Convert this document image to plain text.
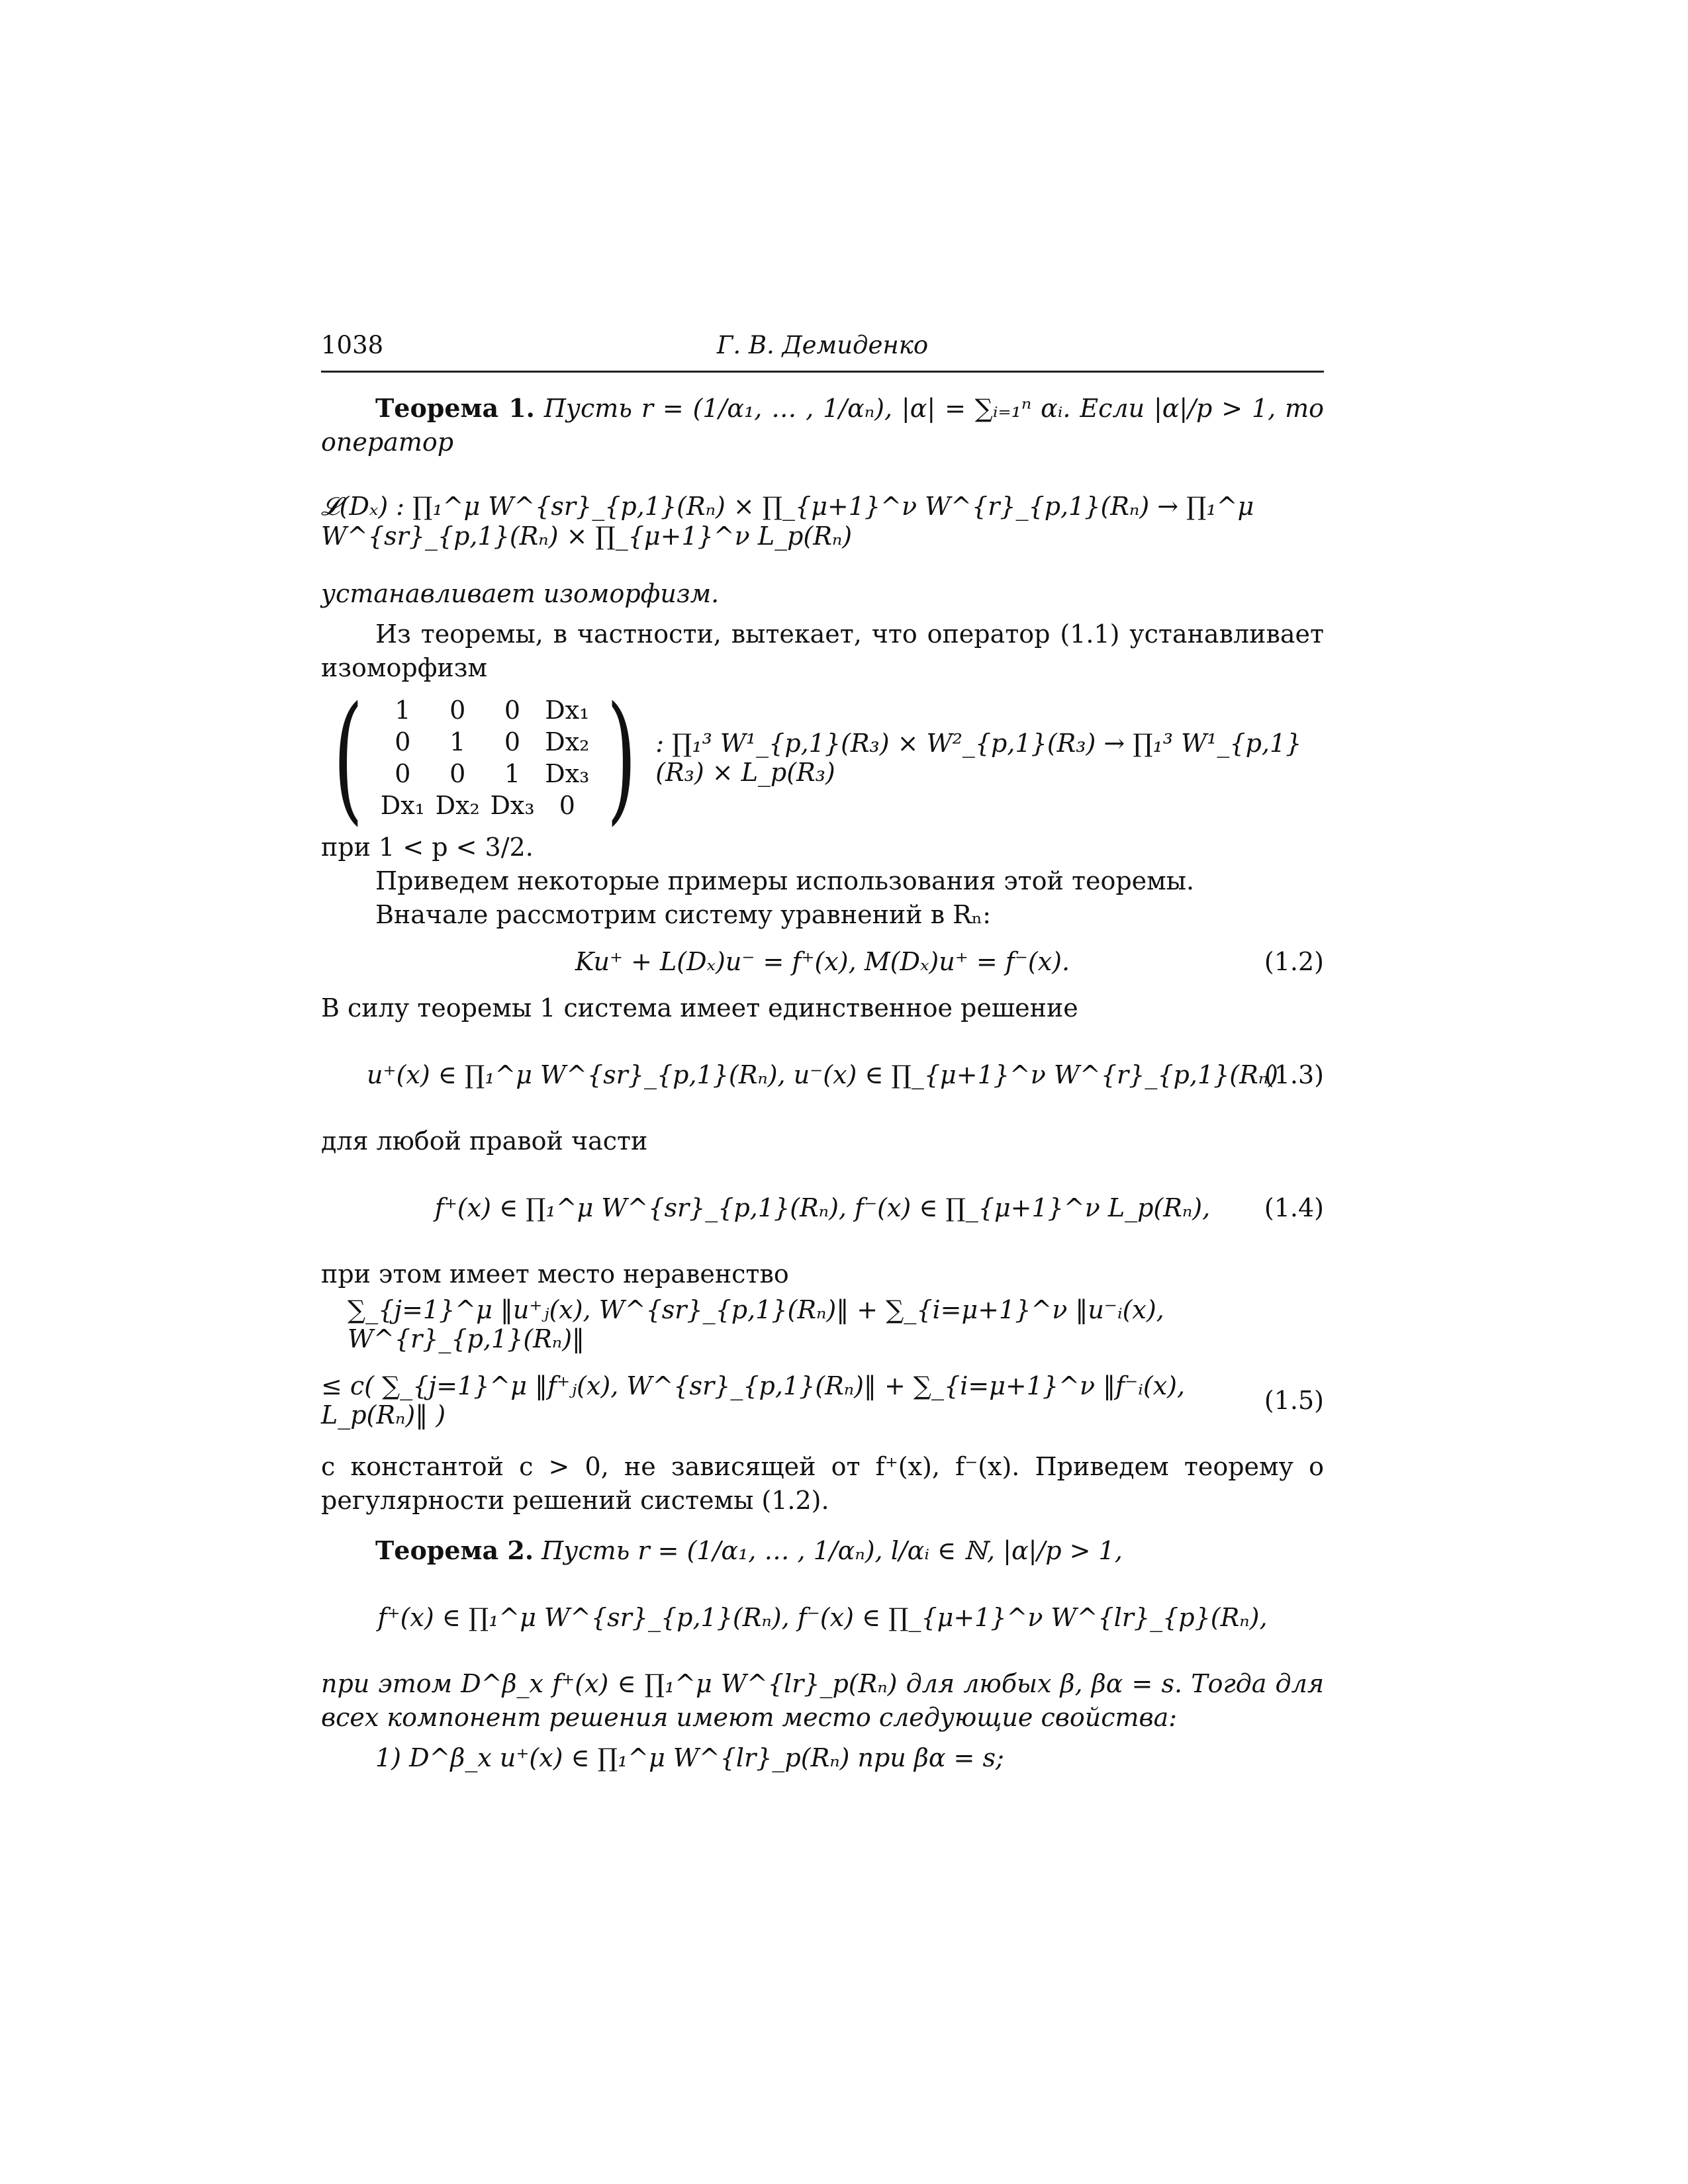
1038	Г. В. Демиденко

Теорема 1. Пусть r = (1/α₁, … , 1/αₙ), |α| = ∑ᵢ₌₁ⁿ αᵢ. Если |α|/p > 1, то оператор

𝓛(Dₓ) : ∏₁^μ W^{sr}_{p,1}(Rₙ) × ∏_{μ+1}^ν W^{r}_{p,1}(Rₙ) → ∏₁^μ W^{sr}_{p,1}(Rₙ) × ∏_{μ+1}^ν L_p(Rₙ)

устанавливает изоморфизм.

Из теоремы, в частности, вытекает, что оператор (1.1) устанавливает изоморфизм

( 1	0	0	Dx₁
0	1	0	Dx₂
0	0	1	Dx₃
Dx₁	Dx₂	Dx₃	0 ) : ∏₁³ W¹_{p,1}(R₃) × W²_{p,1}(R₃) → ∏₁³ W¹_{p,1}(R₃) × L_p(R₃)

при 1 < p < 3/2.

Приведем некоторые примеры использования этой теоремы.

Вначале рассмотрим систему уравнений в Rₙ:

Ku⁺ + L(Dₓ)u⁻ = f⁺(x), M(Dₓ)u⁺ = f⁻(x).	(1.2)

В силу теоремы 1 система имеет единственное решение

u⁺(x) ∈ ∏₁^μ W^{sr}_{p,1}(Rₙ), u⁻(x) ∈ ∏_{μ+1}^ν W^{r}_{p,1}(Rₙ)
(1.3)

для любой правой части

f⁺(x) ∈ ∏₁^μ W^{sr}_{p,1}(Rₙ), f⁻(x) ∈ ∏_{μ+1}^ν L_p(Rₙ), (1.4)

при этом имеет место неравенство

∑_{j=1}^μ ‖u⁺ⱼ(x), W^{sr}_{p,1}(Rₙ)‖ + ∑_{i=μ+1}^ν ‖u⁻ᵢ(x), W^{r}_{p,1}(Rₙ)‖
≤ c( ∑_{j=1}^μ ‖f⁺ⱼ(x), W^{sr}_{p,1}(Rₙ)‖ + ∑_{i=μ+1}^ν ‖f⁻ᵢ(x), L_p(Rₙ)‖ )	(1.5)

с константой c > 0, не зависящей от f⁺(x), f⁻(x). Приведем теорему о регулярности решений системы (1.2).

Теорема 2. Пусть r = (1/α₁, … , 1/αₙ), l/αᵢ ∈ ℕ, |α|/p > 1,

f⁺(x) ∈ ∏₁^μ W^{sr}_{p,1}(Rₙ), f⁻(x) ∈ ∏_{μ+1}^ν W^{lr}_{p}(Rₙ),

при этом D^β_x f⁺(x) ∈ ∏₁^μ W^{lr}_p(Rₙ) для любых β, βα = s. Тогда для всех компонент решения имеют место следующие свойства:

1) D^β_x u⁺(x) ∈ ∏₁^μ W^{lr}_p(Rₙ) при βα = s;
